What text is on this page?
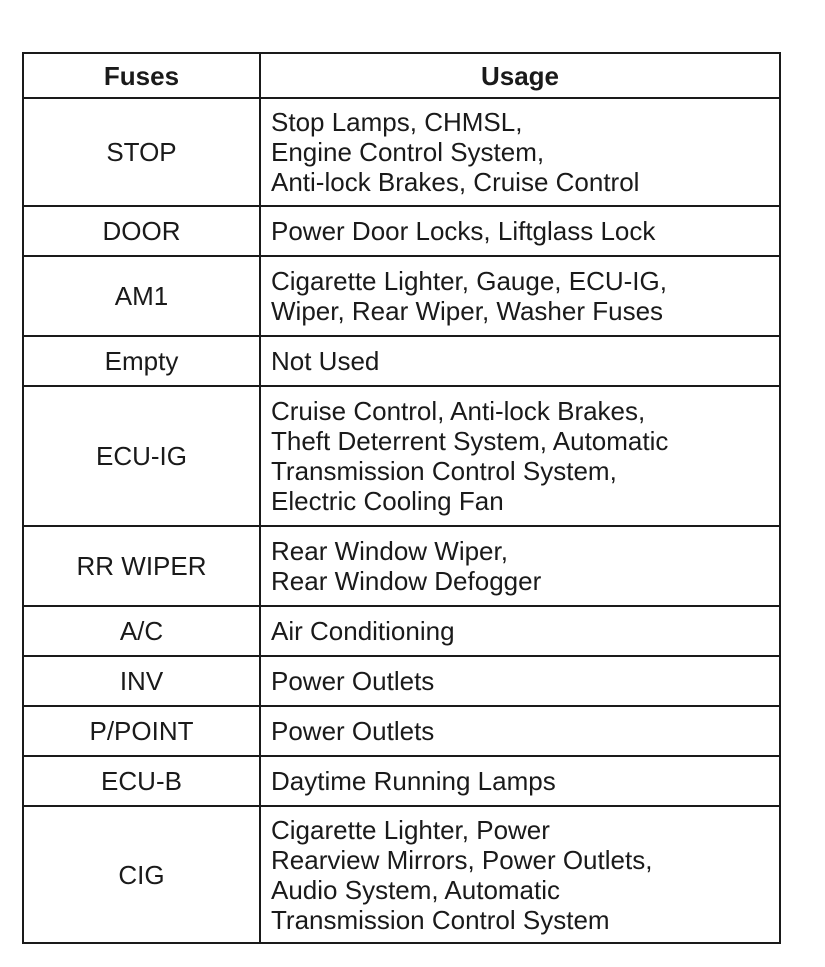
Fuses	Usage
STOP	Stop Lamps, CHMSL,
Engine Control System,
Anti-lock Brakes, Cruise Control

DOOR	Power Door Locks, Liftglass Lock

AM1	Cigarette Lighter, Gauge, ECU-IG,
Wiper, Rear Wiper, Washer Fuses

Empty	Not Used

ECU-IG	Cruise Control, Anti-lock Brakes,
Theft Deterrent System, Automatic
Transmission Control System,
Electric Cooling Fan

RR WIPER	Rear Window Wiper,
Rear Window Defogger

A/C	Air Conditioning

INV	Power Outlets

P/POINT	Power Outlets

ECU-B	Daytime Running Lamps

CIG	Cigarette Lighter, Power
Rearview Mirrors, Power Outlets,
Audio System, Automatic
Transmission Control System
